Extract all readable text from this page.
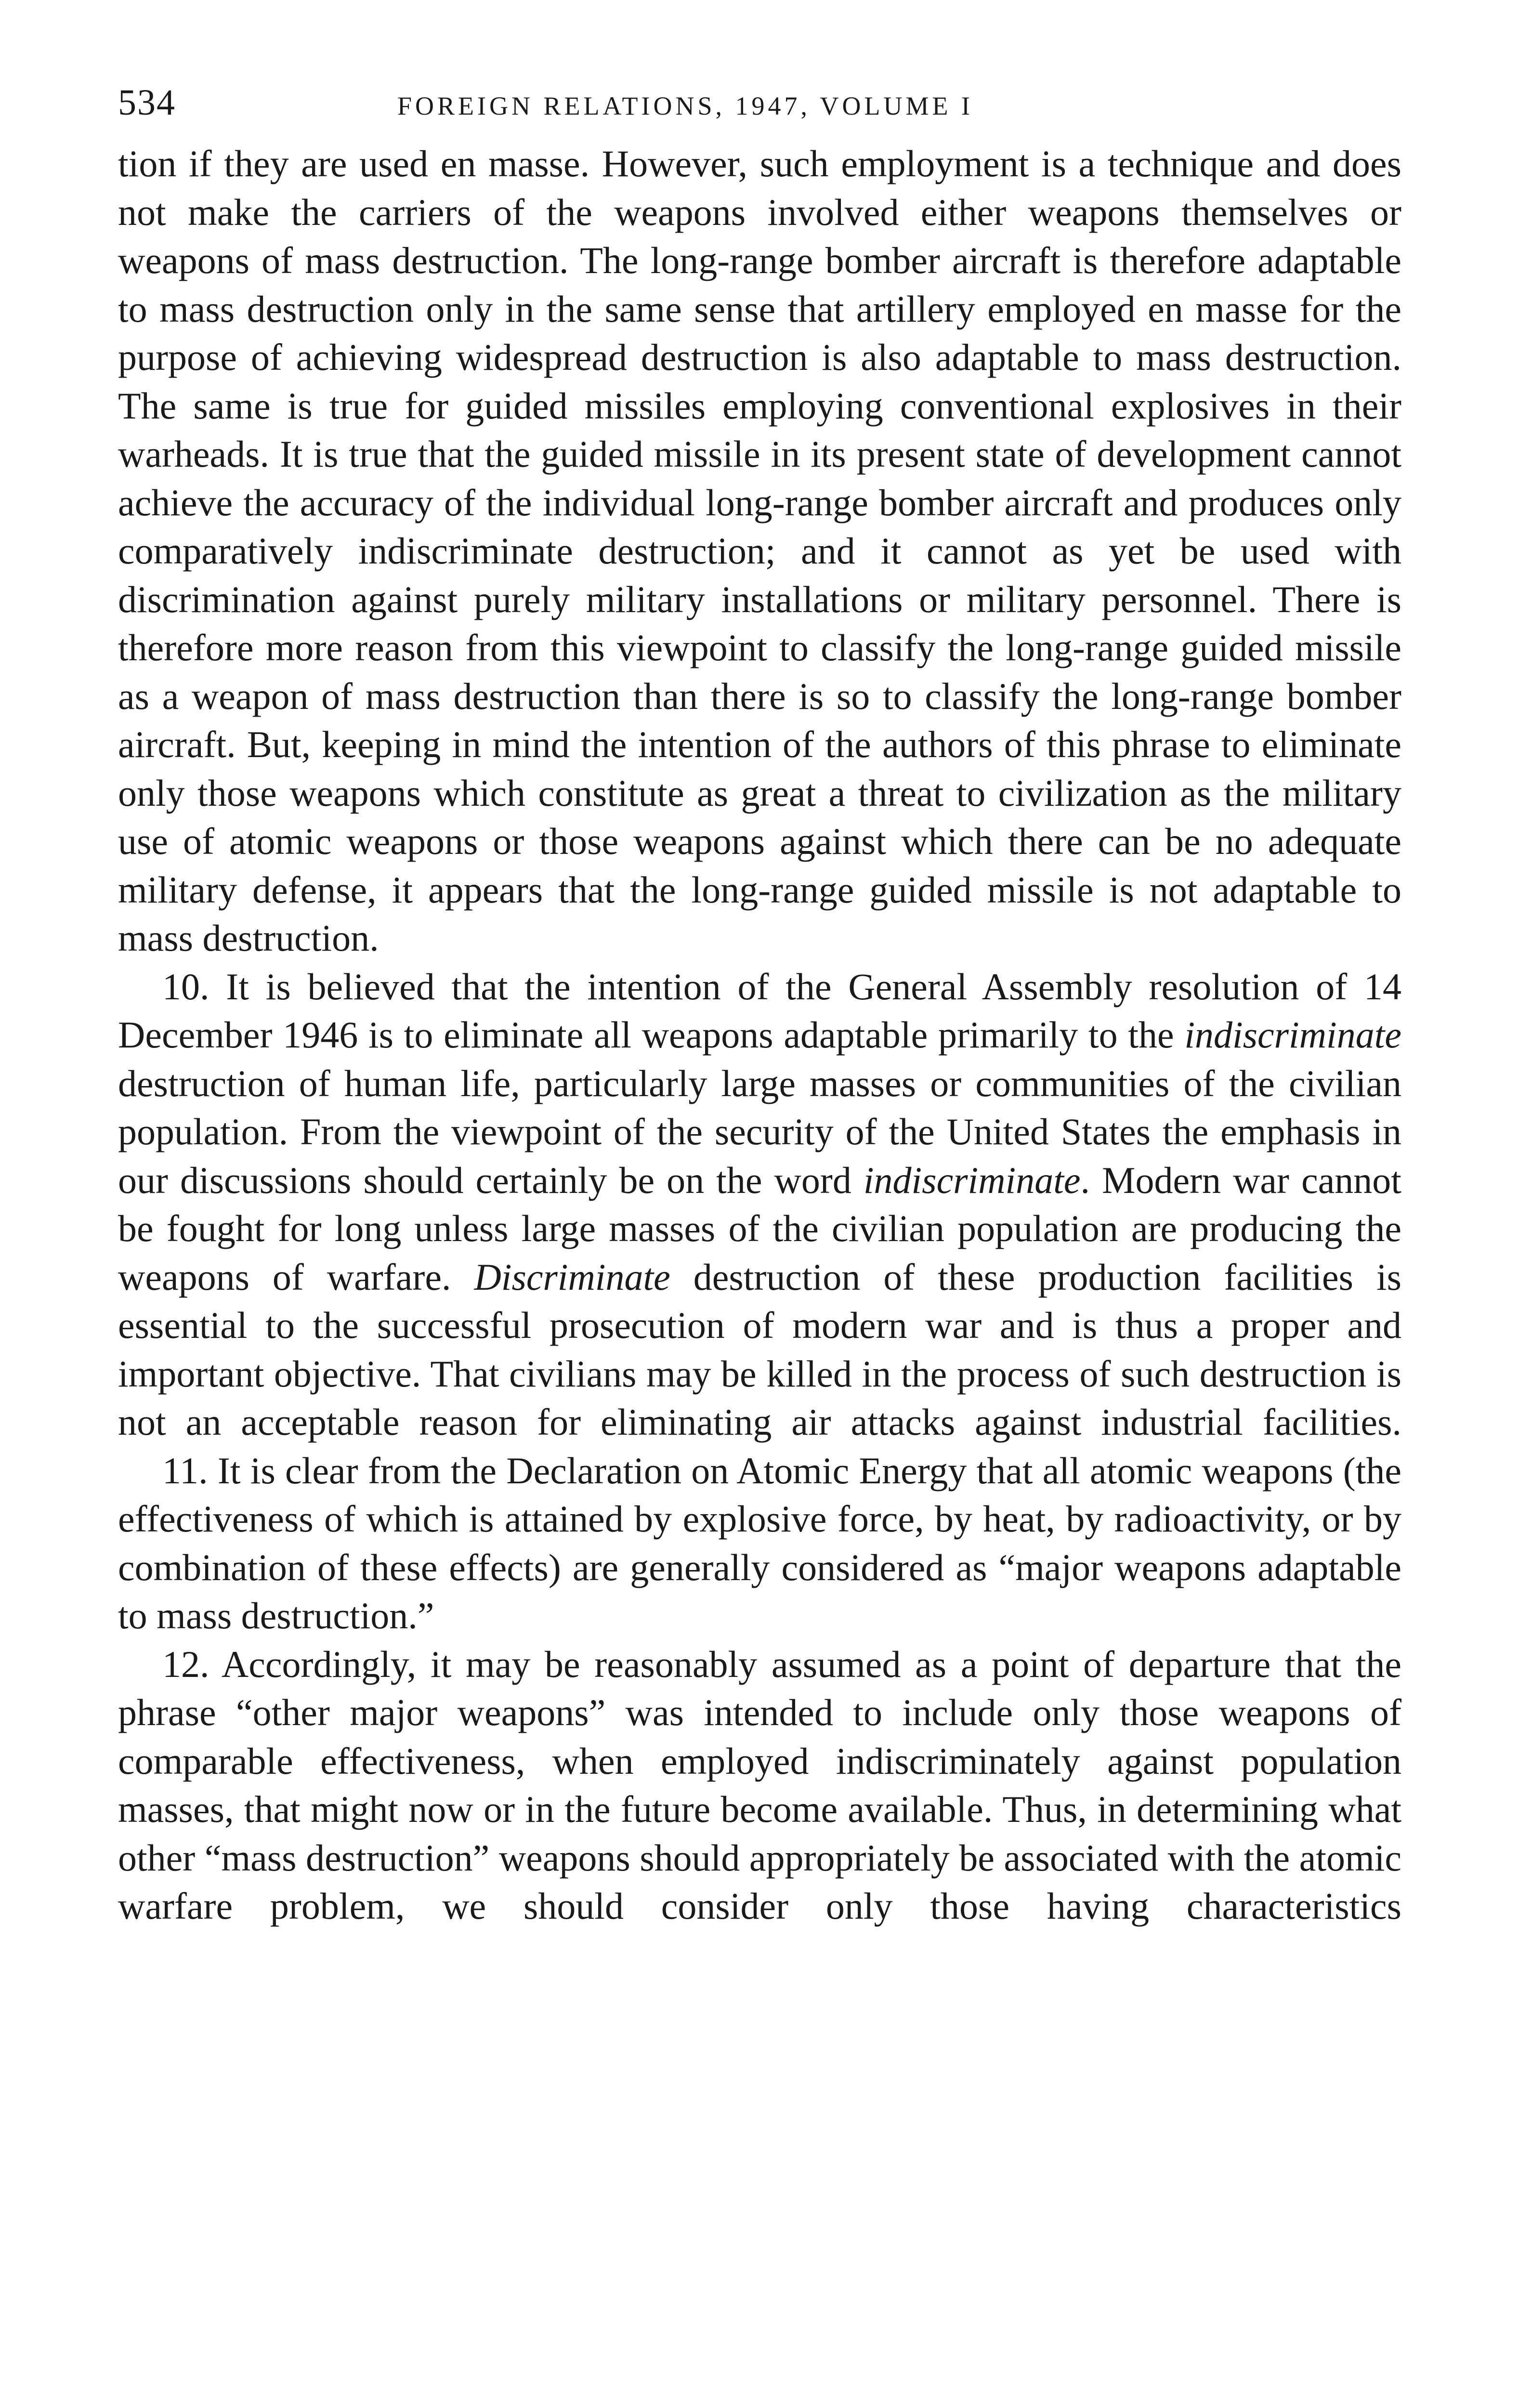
534	FOREIGN RELATIONS, 1947, VOLUME I

tion if they are used en masse. However, such employment is a technique and does not make the carriers of the weapons involved either weapons themselves or weapons of mass destruction. The long-range bomber aircraft is therefore adaptable to mass destruction only in the same sense that artillery employed en masse for the purpose of achieving widespread destruction is also adaptable to mass destruction. The same is true for guided missiles employing conventional explosives in their warheads. It is true that the guided missile in its present state of development cannot achieve the accuracy of the individual long-range bomber aircraft and produces only comparatively indiscriminate destruction; and it cannot as yet be used with discrimination against purely military installations or military personnel. There is therefore more reason from this viewpoint to classify the long-range guided missile as a weapon of mass destruction than there is so to classify the long-range bomber aircraft. But, keeping in mind the intention of the authors of this phrase to eliminate only those weapons which constitute as great a threat to civilization as the military use of atomic weapons or those weapons against which there can be no adequate military defense, it appears that the long-range guided missile is not adaptable to mass destruction.

10. It is believed that the intention of the General Assembly resolution of 14 December 1946 is to eliminate all weapons adaptable primarily to the indiscriminate destruction of human life, particularly large masses or communities of the civilian population. From the viewpoint of the security of the United States the emphasis in our discussions should certainly be on the word indiscriminate. Modern war cannot be fought for long unless large masses of the civilian population are producing the weapons of warfare. Discriminate destruction of these production facilities is essential to the successful prosecution of modern war and is thus a proper and important objective. That civilians may be killed in the process of such destruction is not an acceptable reason for eliminating air attacks against industrial facilities.

11. It is clear from the Declaration on Atomic Energy that all atomic weapons (the effectiveness of which is attained by explosive force, by heat, by radioactivity, or by combination of these effects) are generally considered as “major weapons adaptable to mass destruction.”

12. Accordingly, it may be reasonably assumed as a point of departure that the phrase “other major weapons” was intended to include only those weapons of comparable effectiveness, when employed indiscriminately against population masses, that might now or in the future become available. Thus, in determining what other “mass destruction” weapons should appropriately be associated with the atomic warfare problem, we should consider only those having characteristics
